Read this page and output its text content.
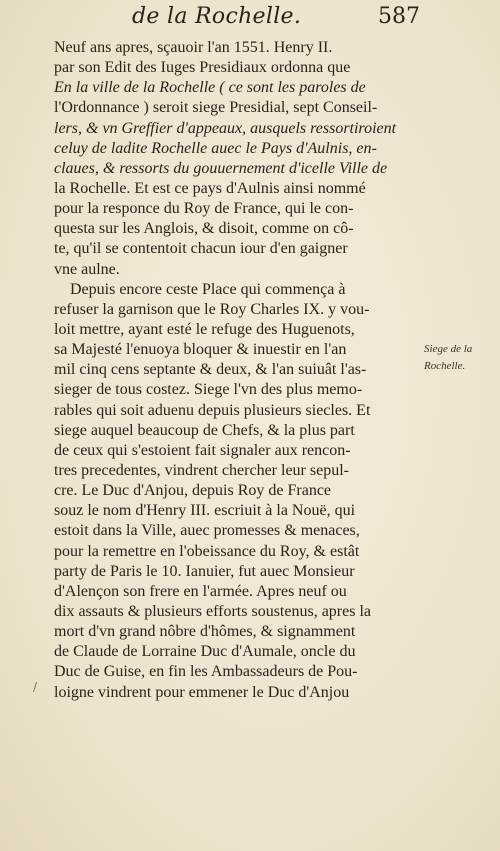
de la Rochelle.	587
Neuf ans apres, sçauoir l'an 1551. Henry II.
par son Edit des Iuges Presidiaux ordonna que
En la ville de la Rochelle ( ce sont les paroles de
l'Ordonnance ) seroit siege Presidial, sept Conseil-
lers, & vn Greffier d'appeaux, ausquels ressortiroient
celuy de ladite Rochelle auec le Pays d'Aulnis, en-
claues, & ressorts du gouuernement d'icelle Ville de
la Rochelle. Et est ce pays d'Aulnis ainsi nommé
pour la responce du Roy de France, qui le con-
questa sur les Anglois, & disoit, comme on cô-
te, qu'il se contentoit chacun iour d'en gaigner
vne aulne.
Depuis encore ceste Place qui commença à
refuser la garnison que le Roy Charles IX. y vou-
loit mettre, ayant esté le refuge des Huguenots,
sa Majesté l'enuoya bloquer & inuestir en l'an
mil cinq cens septante & deux, & l'an suiuât l'as-
sieger de tous costez. Siege l'vn des plus memo-
rables qui soit aduenu depuis plusieurs siecles. Et
siege auquel beaucoup de Chefs, & la plus part
de ceux qui s'estoient fait signaler aux rencon-
tres precedentes, vindrent chercher leur sepul-
cre. Le Duc d'Anjou, depuis Roy de France
souz le nom d'Henry III. escriuit à la Nouë, qui
estoit dans la Ville, auec promesses & menaces,
pour la remettre en l'obeissance du Roy, & estât
party de Paris le 10. Ianuier, fut auec Monsieur
d'Alençon son frere en l'armée. Apres neuf ou
dix assauts & plusieurs efforts soustenus, apres la
mort d'vn grand nôbre d'hômes, & signamment
de Claude de Lorraine Duc d'Aumale, oncle du
Duc de Guise, en fin les Ambassadeurs de Pou-
loigne vindrent pour emmener le Duc d'Anjou
Siege de la
Rochelle.
/
